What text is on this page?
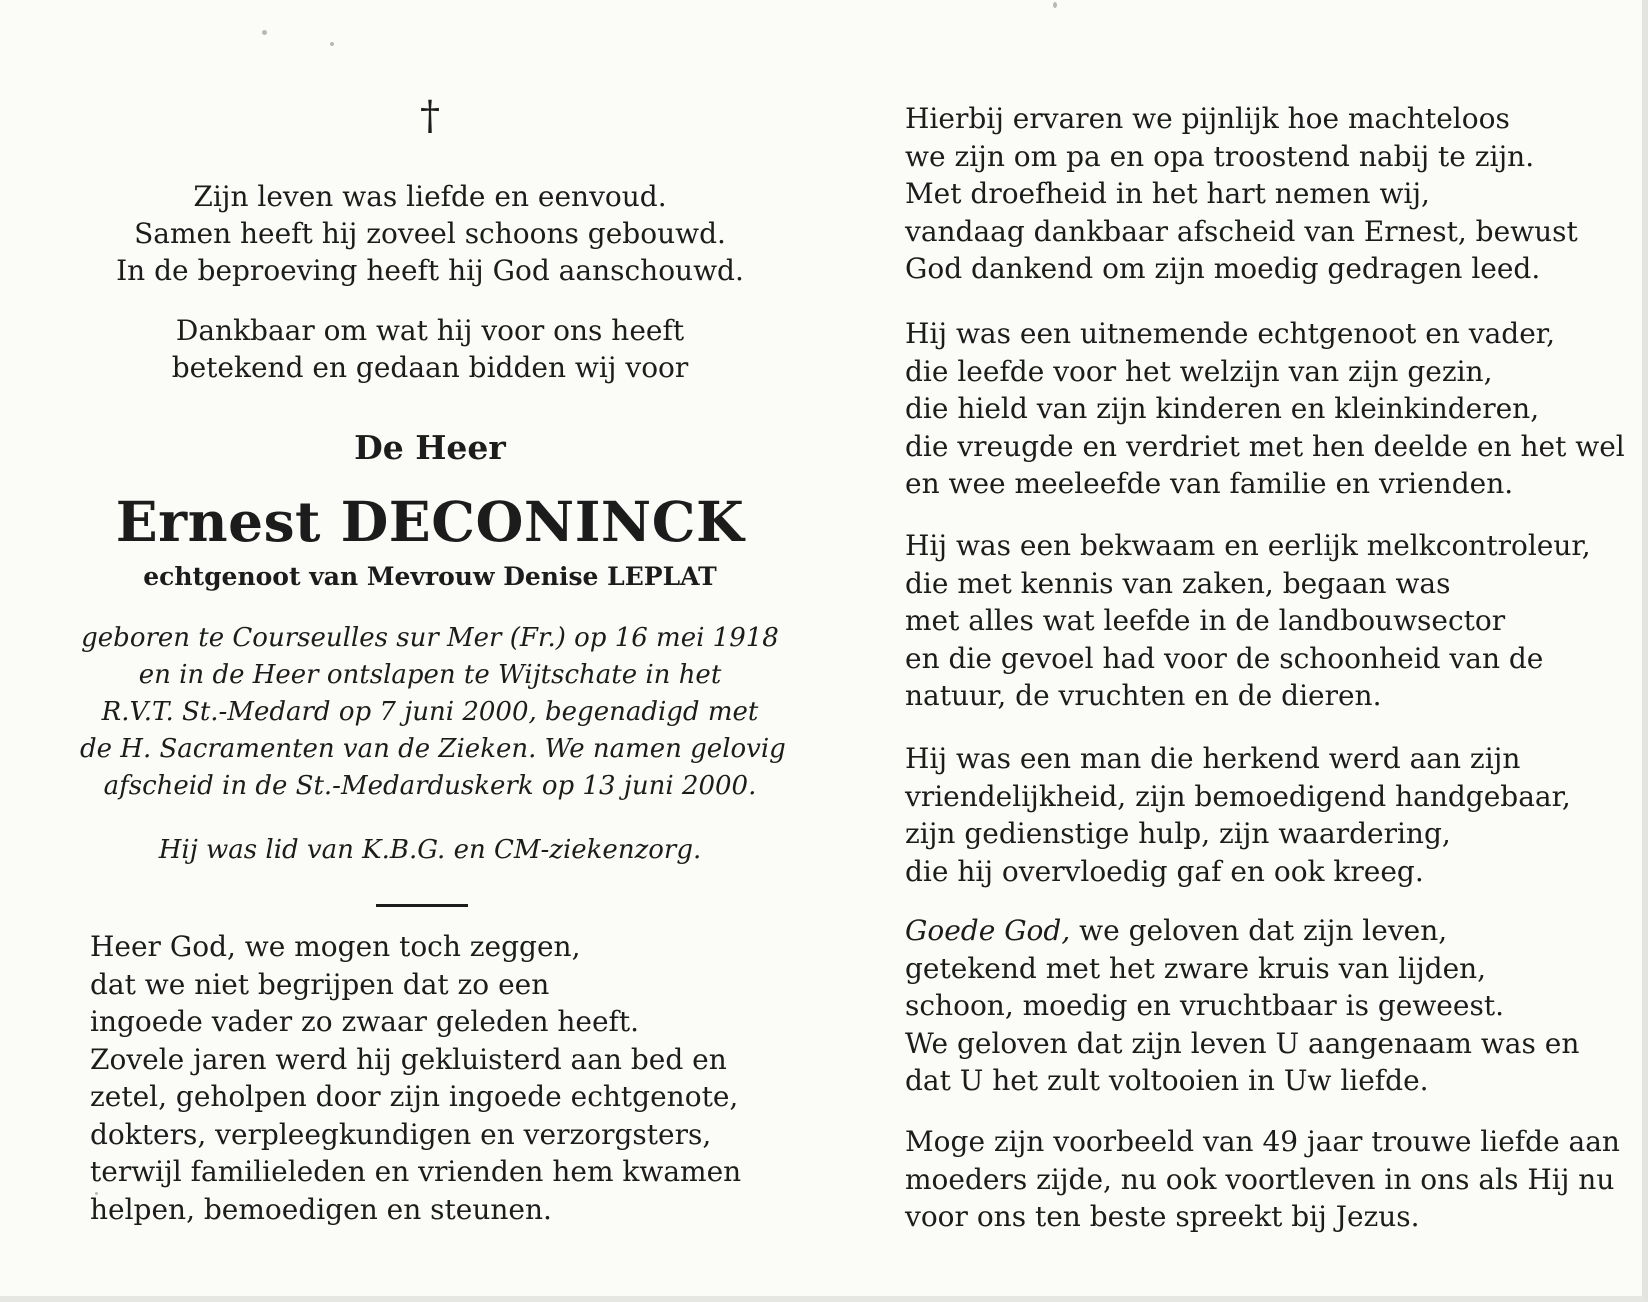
†
Zijn leven was liefde en eenvoud.
Samen heeft hij zoveel schoons gebouwd.
In de beproeving heeft hij God aanschouwd.
Dankbaar om wat hij voor ons heeft
betekend en gedaan bidden wij voor
De Heer
Ernest DECONINCK
echtgenoot van Mevrouw Denise LEPLAT
geboren te Courseulles sur Mer (Fr.) op 16 mei 1918
en in de Heer ontslapen te Wijtschate in het
R.V.T. St.-Medard op 7 juni 2000, begenadigd met
de H. Sacramenten van de Zieken. We namen gelovig
afscheid in de St.-Medarduskerk op 13 juni 2000.
Hij was lid van K.B.G. en CM-ziekenzorg.
Heer God, we mogen toch zeggen,
dat we niet begrijpen dat zo een
ingoede vader zo zwaar geleden heeft.
Zovele jaren werd hij gekluisterd aan bed en
zetel, geholpen door zijn ingoede echtgenote,
dokters, verpleegkundigen en verzorgsters,
terwijl familieleden en vrienden hem kwamen
helpen, bemoedigen en steunen.
Hierbij ervaren we pijnlijk hoe machteloos
we zijn om pa en opa troostend nabij te zijn.
Met droefheid in het hart nemen wij,
vandaag dankbaar afscheid van Ernest, bewust
God dankend om zijn moedig gedragen leed.
Hij was een uitnemende echtgenoot en vader,
die leefde voor het welzijn van zijn gezin,
die hield van zijn kinderen en kleinkinderen,
die vreugde en verdriet met hen deelde en het wel
en wee meeleefde van familie en vrienden.
Hij was een bekwaam en eerlijk melkcontroleur,
die met kennis van zaken, begaan was
met alles wat leefde in de landbouwsector
en die gevoel had voor de schoonheid van de
natuur, de vruchten en de dieren.
Hij was een man die herkend werd aan zijn
vriendelijkheid, zijn bemoedigend handgebaar,
zijn gedienstige hulp, zijn waardering,
die hij overvloedig gaf en ook kreeg.
Goede God, we geloven dat zijn leven,
getekend met het zware kruis van lijden,
schoon, moedig en vruchtbaar is geweest.
We geloven dat zijn leven U aangenaam was en
dat U het zult voltooien in Uw liefde.
Moge zijn voorbeeld van 49 jaar trouwe liefde aan
moeders zijde, nu ook voortleven in ons als Hij nu
voor ons ten beste spreekt bij Jezus.
